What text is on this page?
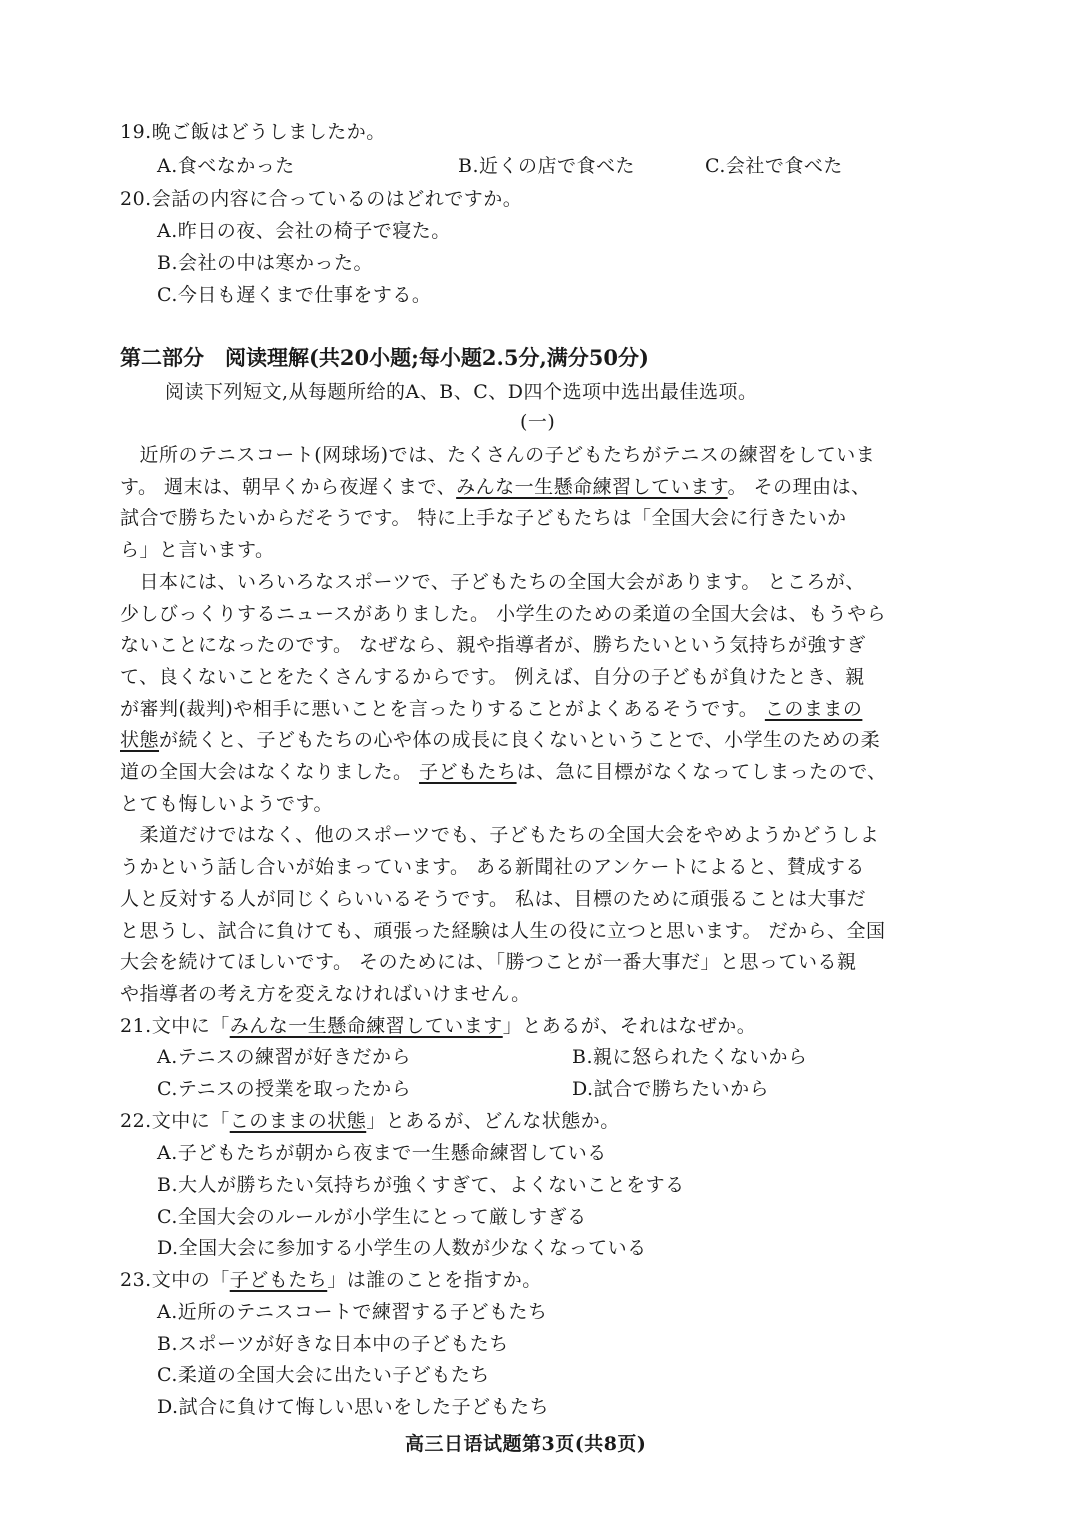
19.晩ご飯はどうしましたか。
A.食べなかった	B.近くの店で食べた	C.会社で食べた
20.会話の内容に合っているのはどれですか。
A.昨日の夜、会社の椅子で寝た。
B.会社の中は寒かった。
C.今日も遅くまで仕事をする。
第二部分　阅读理解(共20小题;每小题2.5分,满分50分)
阅读下列短文,从每题所给的A、B、C、D四个选项中选出最佳选项。
(一)
　近所のテニスコート(网球场)では、たくさんの子どもたちがテニスの練習をしていま
す。 週末は、朝早くから夜遅くまで、みんな一生懸命練習しています。 その理由は、
試合で勝ちたいからだそうです。 特に上手な子どもたちは「全国大会に行きたいか
ら」と言います。
　日本には、いろいろなスポーツで、子どもたちの全国大会があります。 ところが、
少しびっくりするニュースがありました。 小学生のための柔道の全国大会は、もうやら
ないことになったのです。 なぜなら、親や指導者が、勝ちたいという気持ちが強すぎ
て、良くないことをたくさんするからです。 例えば、自分の子どもが負けたとき、親
が審判(裁判)や相手に悪いことを言ったりすることがよくあるそうです。 このままの
状態が続くと、子どもたちの心や体の成長に良くないということで、小学生のための柔
道の全国大会はなくなりました。 子どもたちは、急に目標がなくなってしまったので、
とても悔しいようです。
　柔道だけではなく、他のスポーツでも、子どもたちの全国大会をやめようかどうしよ
うかという話し合いが始まっています。 ある新聞社のアンケートによると、賛成する
人と反対する人が同じくらいいるそうです。 私は、目標のために頑張ることは大事だ
と思うし、試合に負けても、頑張った経験は人生の役に立つと思います。 だから、全国
大会を続けてほしいです。 そのためには、「勝つことが一番大事だ」と思っている親
や指導者の考え方を変えなければいけません。
21.文中に「みんな一生懸命練習しています」とあるが、それはなぜか。
A.テニスの練習が好きだから	B.親に怒られたくないから
C.テニスの授業を取ったから	D.試合で勝ちたいから
22.文中に「このままの状態」とあるが、どんな状態か。
A.子どもたちが朝から夜まで一生懸命練習している
B.大人が勝ちたい気持ちが強くすぎて、よくないことをする
C.全国大会のルールが小学生にとって厳しすぎる
D.全国大会に参加する小学生の人数が少なくなっている
23.文中の「子どもたち」は誰のことを指すか。
A.近所のテニスコートで練習する子どもたち
B.スポーツが好きな日本中の子どもたち
C.柔道の全国大会に出たい子どもたち
D.試合に負けて悔しい思いをした子どもたち
高三日语试题第3页(共8页)
